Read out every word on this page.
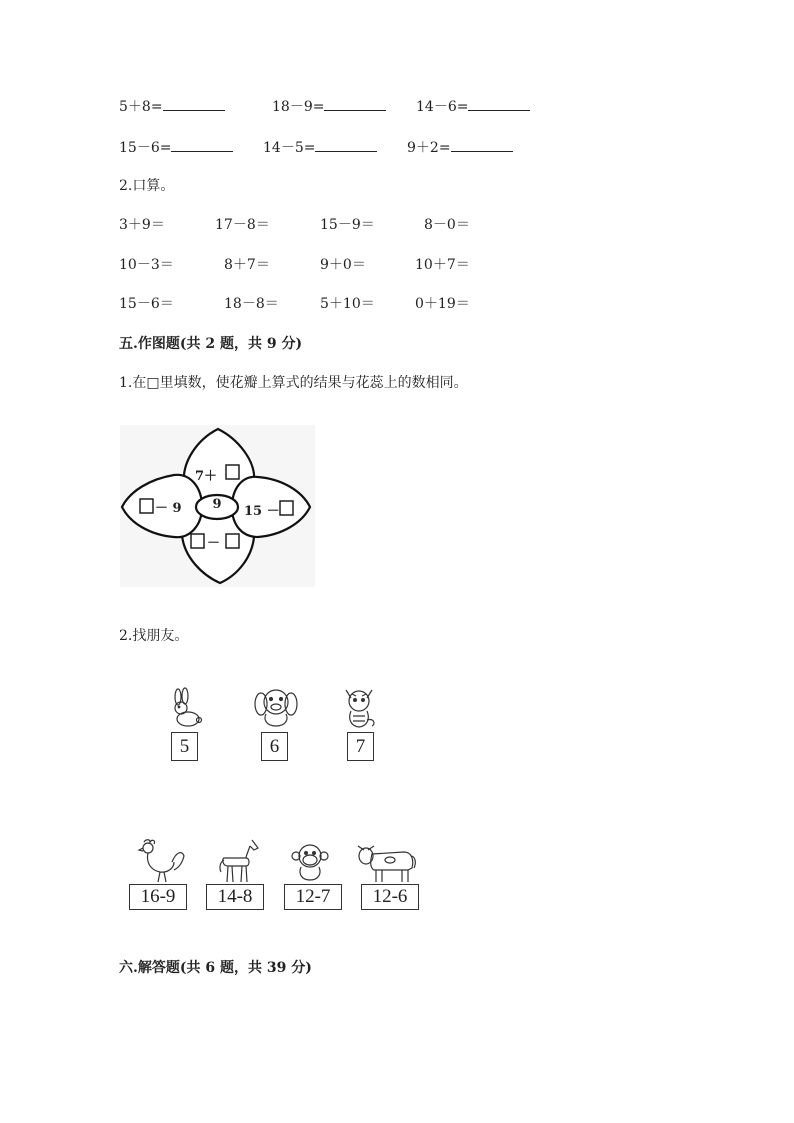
5＋8=	18－9=	14－6=
15－6=	14－5=	9＋2=
2.口算。
3＋9＝	17－8＝	15－9＝	8－0＝
10－3＝	8＋7＝	9＋0＝	10＋7＝
15－6＝	18－8＝	5＋10＝	0＋19＝
五.作图题(共 2 题，共 9 分)
1.在□里填数，使花瓣上算式的结果与花蕊上的数相同。
9
7＋
－ 9	15 －
－
2.找朋友。
5	6	7
16-9	14-8	12-7	12-6
六.解答题(共 6 题，共 39 分)
